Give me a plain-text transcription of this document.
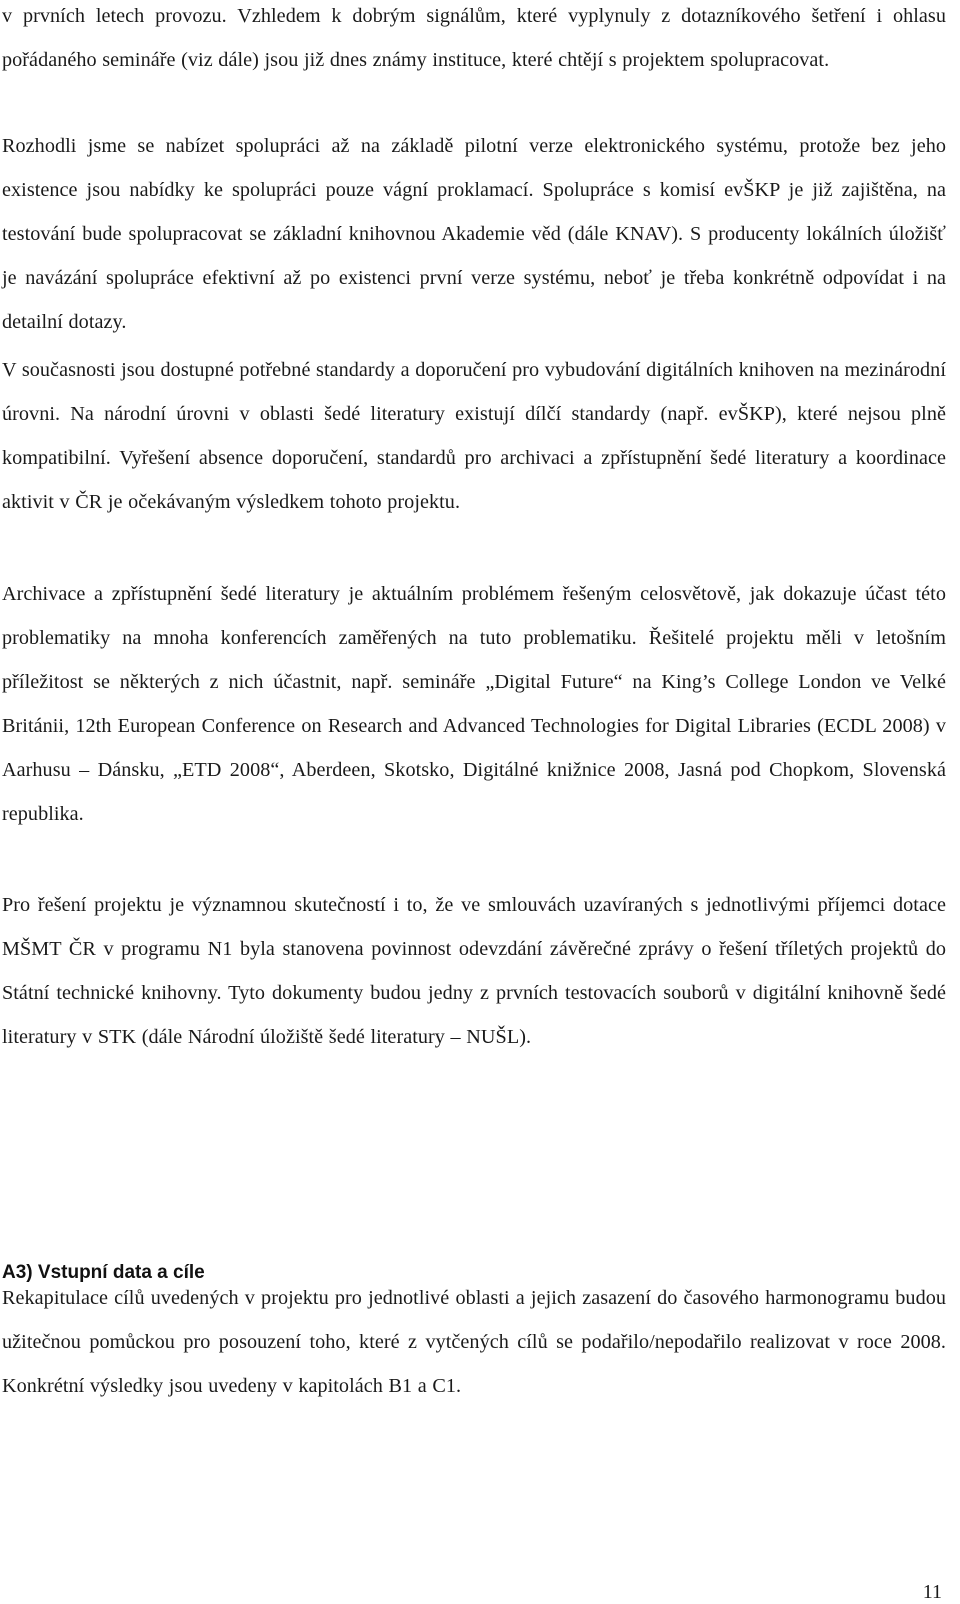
v prvních letech provozu. Vzhledem k dobrým signálům, které vyplynuly z dotazníkového šetření i ohlasu pořádaného semináře (viz dále) jsou již dnes známy instituce, které chtějí s projektem spolupracovat.

Rozhodli jsme se nabízet spolupráci až na základě pilotní verze elektronického systému, protože bez jeho existence jsou nabídky ke spolupráci pouze vágní proklamací. Spolupráce s komisí evŠKP je již zajištěna, na testování bude spolupracovat se základní knihovnou Akademie věd (dále KNAV). S producenty lokálních úložišť je navázání spolupráce efektivní až po existenci první verze systému, neboť je třeba konkrétně odpovídat i na detailní dotazy.

V současnosti jsou dostupné potřebné standardy a doporučení pro vybudování digitálních knihoven na mezinárodní úrovni. Na národní úrovni v oblasti šedé literatury existují dílčí standardy (např. evŠKP), které nejsou plně kompatibilní. Vyřešení absence doporučení, standardů pro archivaci a zpřístupnění šedé literatury a koordinace aktivit v ČR je očekávaným výsledkem tohoto projektu.

Archivace a zpřístupnění šedé literatury je aktuálním problémem řešeným celosvětově, jak dokazuje účast této problematiky na mnoha konferencích zaměřených na tuto problematiku. Řešitelé projektu měli v letošním příležitost se některých z nich účastnit, např. semináře „Digital Future“ na King’s College London ve Velké Británii, 12th European Conference on Research and Advanced Technologies for Digital Libraries (ECDL 2008) v Aarhusu – Dánsku, „ETD 2008“, Aberdeen, Skotsko, Digitálné knižnice 2008, Jasná pod Chopkom, Slovenská republika.

Pro řešení projektu je významnou skutečností i to, že ve smlouvách uzavíraných s jednotlivými příjemci dotace MŠMT ČR v programu N1 byla stanovena povinnost odevzdání závěrečné zprávy o řešení tříletých projektů do Státní technické knihovny. Tyto dokumenty budou jedny z prvních testovacích souborů v digitální knihovně šedé literatury v STK (dále Národní úložiště šedé literatury – NUŠL).

A3) Vstupní data a cíle

Rekapitulace cílů uvedených v projektu pro jednotlivé oblasti a jejich zasazení do časového harmonogramu budou užitečnou pomůckou pro posouzení toho, které z vytčených cílů se podařilo/nepodařilo realizovat v roce 2008. Konkrétní výsledky jsou uvedeny v kapitolách B1 a C1.

11
